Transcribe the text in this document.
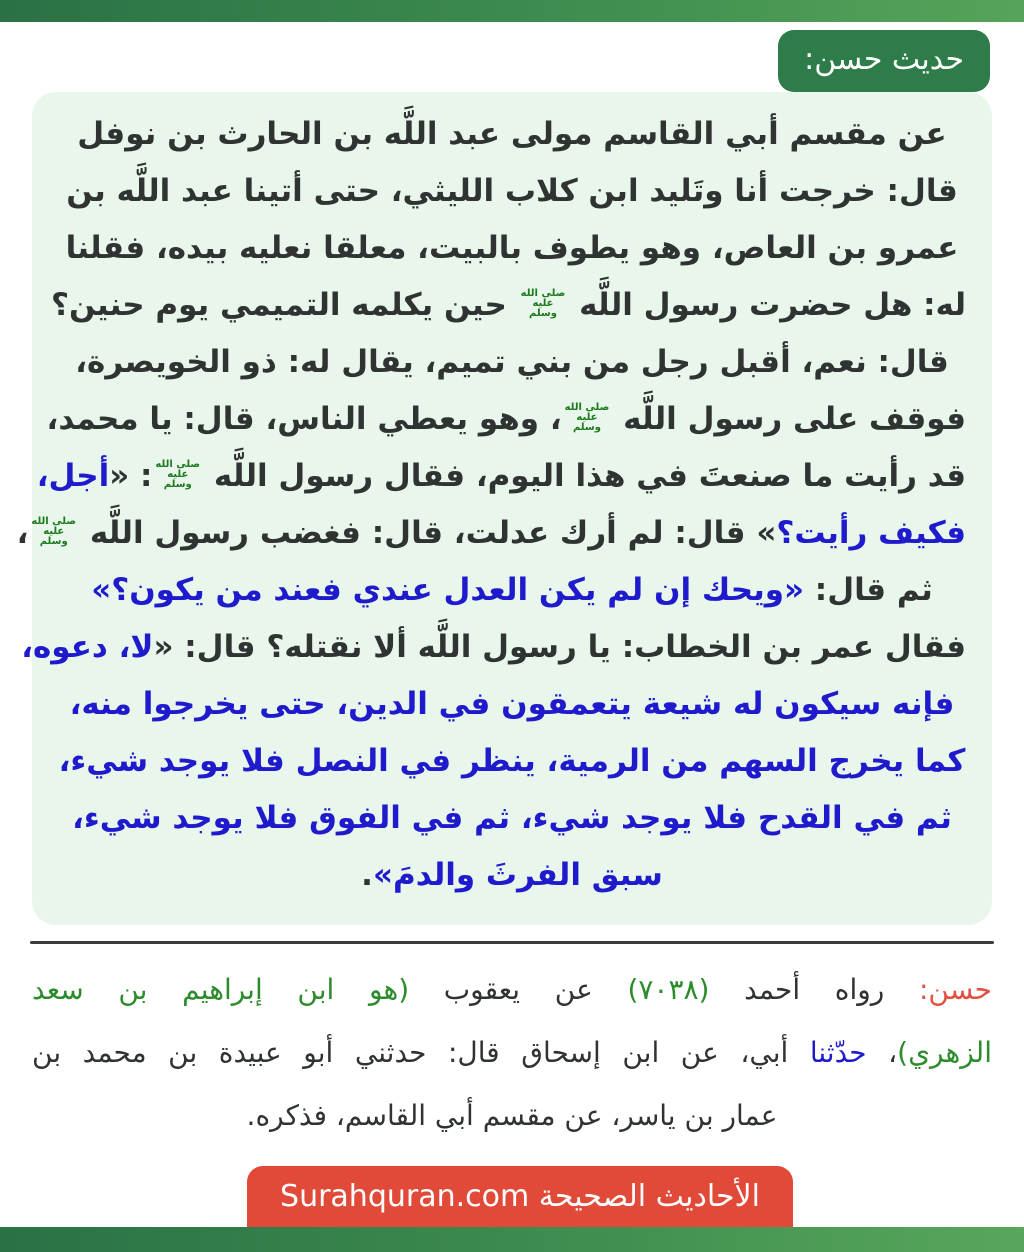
حديث حسن:
عن مقسم أبي القاسم مولى عبد اللَّه بن الحارث بن نوفل
قال: خرجت أنا وتَليد ابن كلاب الليثي، حتى أتينا عبد اللَّه بن
عمرو بن العاص، وهو يطوف بالبيت، معلقا نعليه بيده، فقلنا
له: هل حضرت رسول اللَّه
صلى الله
عليه
وسلم
حين يكلمه التميمي يوم حنين؟
قال: نعم، أقبل رجل من بني تميم، يقال له: ذو الخويصرة،
فوقف على رسول اللَّه
صلى الله
عليه
وسلم
، وهو يعطي الناس، قال: يا محمد،
قد رأيت ما صنعتَ في هذا اليوم، فقال رسول اللَّه
صلى الله
عليه
وسلم
: «أجل،
فكيف رأيت؟» قال: لم أرك عدلت، قال: فغضب رسول اللَّه
صلى الله
عليه
وسلم
،
ثم قال: «ويحك إن لم يكن العدل عندي فعند من يكون؟»
فقال عمر بن الخطاب: يا رسول اللَّه ألا نقتله؟ قال: «لا، دعوه،
فإنه سيكون له شيعة يتعمقون في الدين، حتى يخرجوا منه،
كما يخرج السهم من الرمية، ينظر في النصل فلا يوجد شيء،
ثم في القدح فلا يوجد شيء، ثم في الفوق فلا يوجد شيء،
سبق الفرثَ والدمَ».
حسن: رواه أحمد (٧٠٣٨) عن يعقوب (هو ابن إبراهيم بن سعد
الزهري)، حدّثنا أبي، عن ابن إسحاق قال: حدثني أبو عبيدة بن محمد بن
عمار بن ياسر، عن مقسم أبي القاسم، فذكره.
الأحاديث الصحيحة Surahquran.com
